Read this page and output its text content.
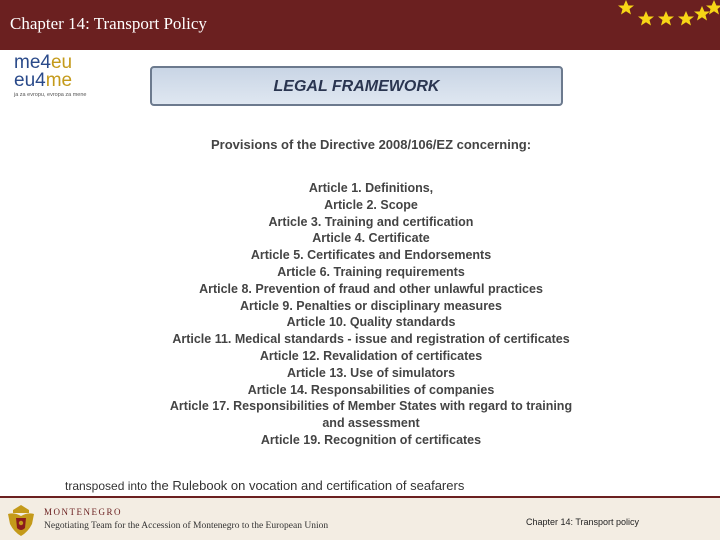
Chapter 14: Transport Policy
me4eu
eu4me
ja za evropu, evropa za mene	LEGAL FRAMEWORK
Provisions of the Directive 2008/106/EZ concerning:
Article 1. Definitions,
Article 2. Scope
Article 3. Training and certification
Article 4. Certificate
Article 5. Certificates and Endorsements
Article 6. Training requirements
Article 8. Prevention of fraud and other unlawful practices
Article 9. Penalties or disciplinary measures
Article 10. Quality standards
Article 11. Medical standards - issue and registration of certificates
Article 12. Revalidation of certificates
Article 13. Use of simulators
Article 14. Responsabilities of companies
Article 17. Responsibilities of Member States with regard to training
and assessment
Article 19. Recognition of certificates
transposed into the Rulebook on vocation and certification of seafarers
MONTENEGRO
Negotiating Team for the Accession of Montenegro to the European Union	Chapter 14: Transport policy
